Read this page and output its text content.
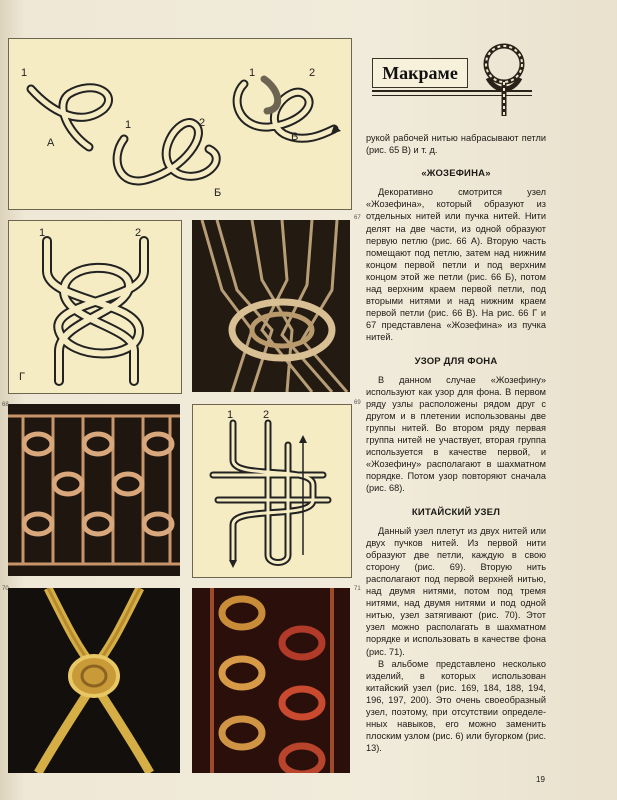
1
А
1	2
Б
1	2
В
Макраме
1	2
Г
67
68
1	2
69
70	71

рукой рабочей нитью набрасывают петли (рис. 65 В) и т. д.

«ЖОЗЕФИНА»

Декоративно смотрится узел «Жозефина», который образуют из отдельных нитей или пучка нитей. Нити делят на две части, из одной образуют первую петлю (рис. 66 А). Вторую часть помещают под петлю, затем над нижним концом первой петли и под верхним концом этой же петли (рис. 66 Б), потом над верхним краем первой петли, под вторыми нитями и над нижним краем первой петли (рис. 66 В). На рис. 66 Г и 67 представлена «Жозефина» из пучка нитей.

УЗОР ДЛЯ ФОНА

В данном случае «Жозефину» используют как узор для фона. В первом ряду узлы расположены рядом друг с другом и в плетении использованы две группы нитей. Во втором ряду первая группа нитей не участвует, вторая группа используется в качестве первой, и «Жозефину» располагают в шахматном порядке. Потом узор повторяют сначала (рис. 68).

КИТАЙСКИЙ УЗЕЛ

Данный узел плетут из двух нитей или двух пучков нитей. Из первой нити образуют две петли, каждую в свою сторону (рис. 69). Вторую нить располагают под первой верхней нитью, над двумя нитями, потом под тремя нитями, над двумя нитями и под одной нитью, узел затягивают (рис. 70). Этот узел можно располагать в шахматном порядке и использовать в качестве фона (рис. 71).

В альбоме представлено несколько изделий, в которых использован китайский узел (рис. 169, 184, 188, 194, 196, 197, 200). Это очень своеобразный узел, поэтому, при отсутствии определенных навыков, его можно заменить плоским узлом (рис. 6) или бугорком (рис. 13).

19
